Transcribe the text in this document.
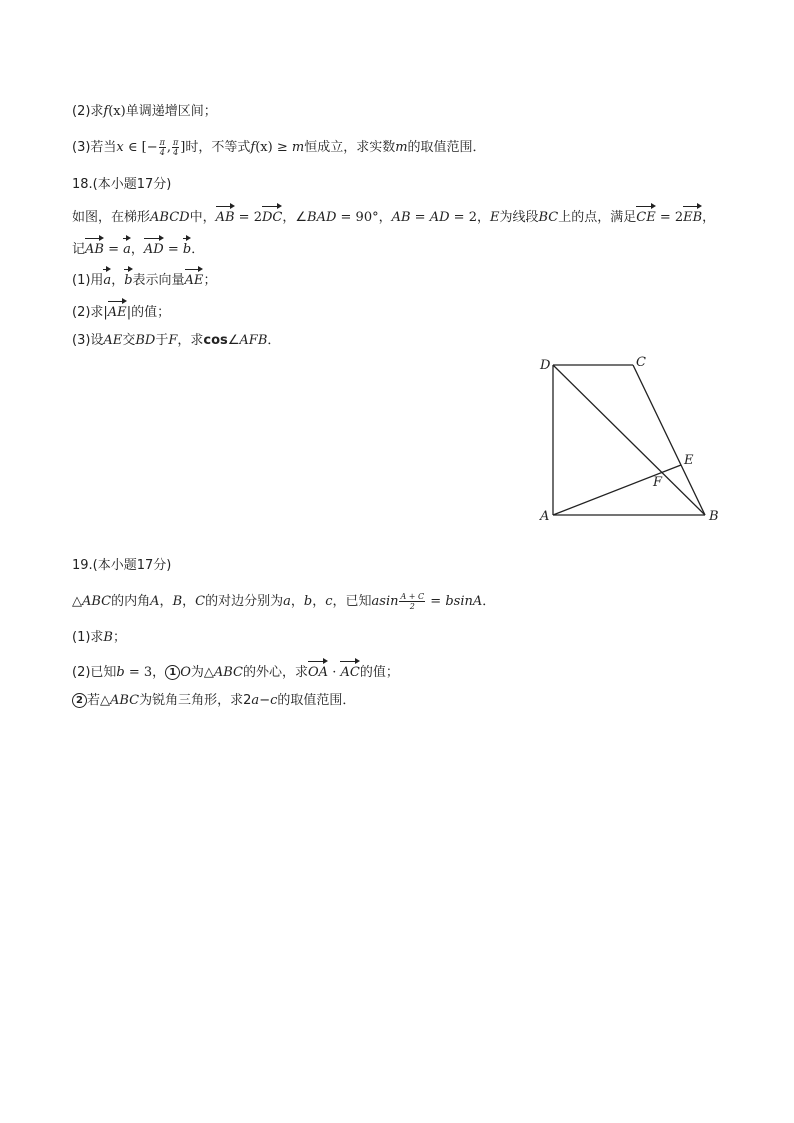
(2)求f(x)单调递增区间；
(3)若当x ∈ [− $\frac{\pi}{4}$ , $\frac{\pi}{4}$ ]时，不等式f(x) ≥ m恒成立，求实数m的取值范围．
18.(本小题17分)
如图，在梯形ABCD中，AB = 2DC，∠BAD = 90°，AB = AD = 2，E为线段BC上的点，满足CE = 2EB，
记AB = a，AD = b．
(1)用a，b表示向量AE；
(2)求|AE|的值；
(3)设AE交BD于F，求cos∠AFB．
D	C
E
F
A	B
19.(本小题17分)
△ABC的内角A，B，C的对边分别为a，b，c，已知asin $\frac{A + C}{2} = bsinA$．
(1)求B；
(2)已知b = 3， 1 O为△ABC的外心，求OA · AC的值；
2 若△ABC为锐角三角形，求2a−c的取值范围．
